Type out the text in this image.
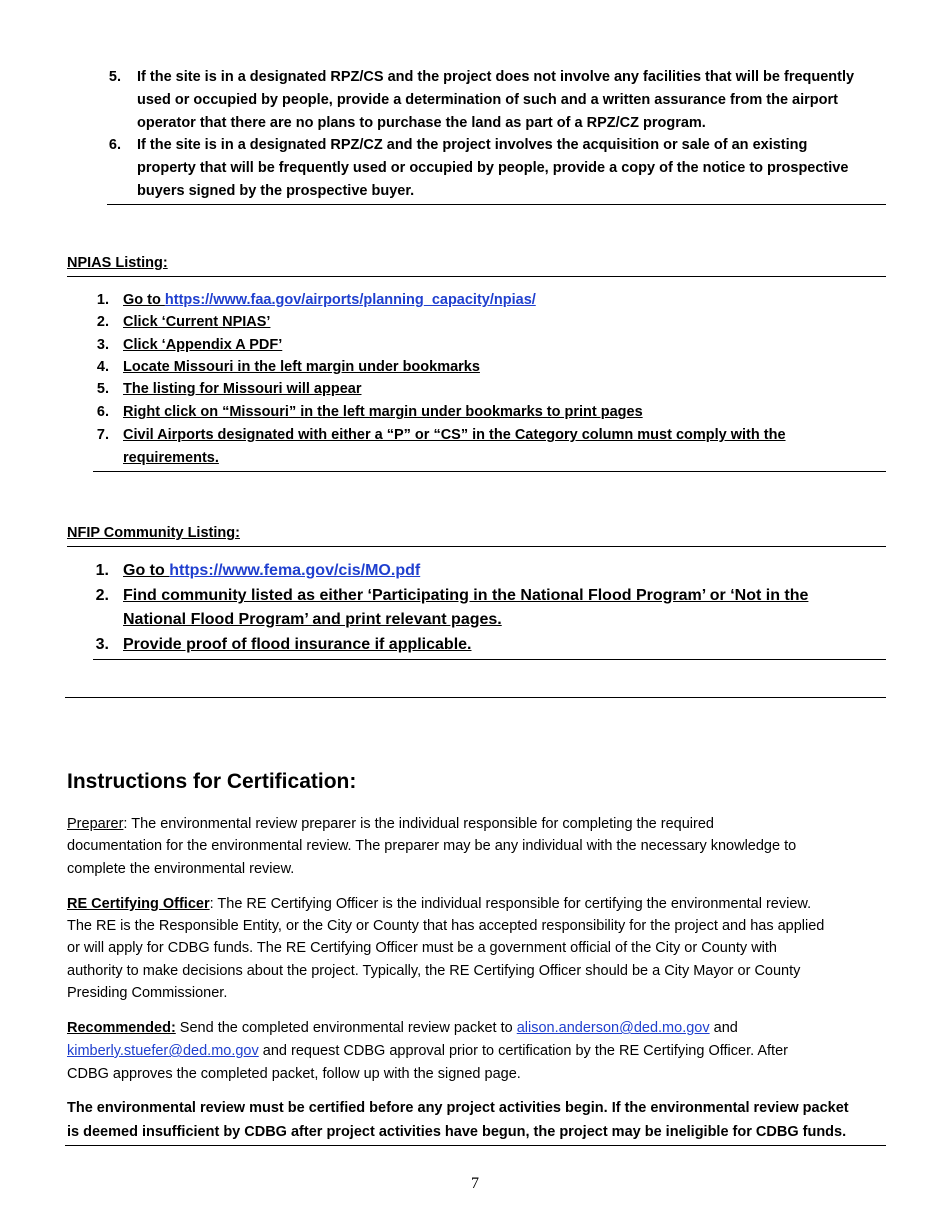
5. If the site is in a designated RPZ/CS and the project does not involve any facilities that will be frequently
used or occupied by people, provide a determination of such and a written assurance from the airport
operator that there are no plans to purchase the land as part of a RPZ/CZ program.
6. If the site is in a designated RPZ/CZ and the project involves the acquisition or sale of an existing
property that will be frequently used or occupied by people, provide a copy of the notice to prospective
buyers signed by the prospective buyer.
NPIAS Listing:
1. Go to https://www.faa.gov/airports/planning_capacity/npias/
2. Click ‘Current NPIAS’
3. Click ‘Appendix A PDF’
4. Locate Missouri in the left margin under bookmarks
5. The listing for Missouri will appear
6. Right click on “Missouri” in the left margin under bookmarks to print pages
7. Civil Airports designated with either a “P” or “CS” in the Category column must comply with the
requirements.
NFIP Community Listing:
1. Go to https://www.fema.gov/cis/MO.pdf
2. Find community listed as either ‘Participating in the National Flood Program’ or ‘Not in the
National Flood Program’ and print relevant pages.
3. Provide proof of flood insurance if applicable.
Instructions for Certification:
Preparer: The environmental review preparer is the individual responsible for completing the required
documentation for the environmental review. The preparer may be any individual with the necessary knowledge to
complete the environmental review.
RE Certifying Officer: The RE Certifying Officer is the individual responsible for certifying the environmental review.
The RE is the Responsible Entity, or the City or County that has accepted responsibility for the project and has applied
or will apply for CDBG funds. The RE Certifying Officer must be a government official of the City or County with
authority to make decisions about the project. Typically, the RE Certifying Officer should be a City Mayor or County
Presiding Commissioner.
Recommended: Send the completed environmental review packet to alison.anderson@ded.mo.gov and
kimberly.stuefer@ded.mo.gov and request CDBG approval prior to certification by the RE Certifying Officer. After
CDBG approves the completed packet, follow up with the signed page.
The environmental review must be certified before any project activities begin. If the environmental review packet
is deemed insufficient by CDBG after project activities have begun, the project may be ineligible for CDBG funds.
7
